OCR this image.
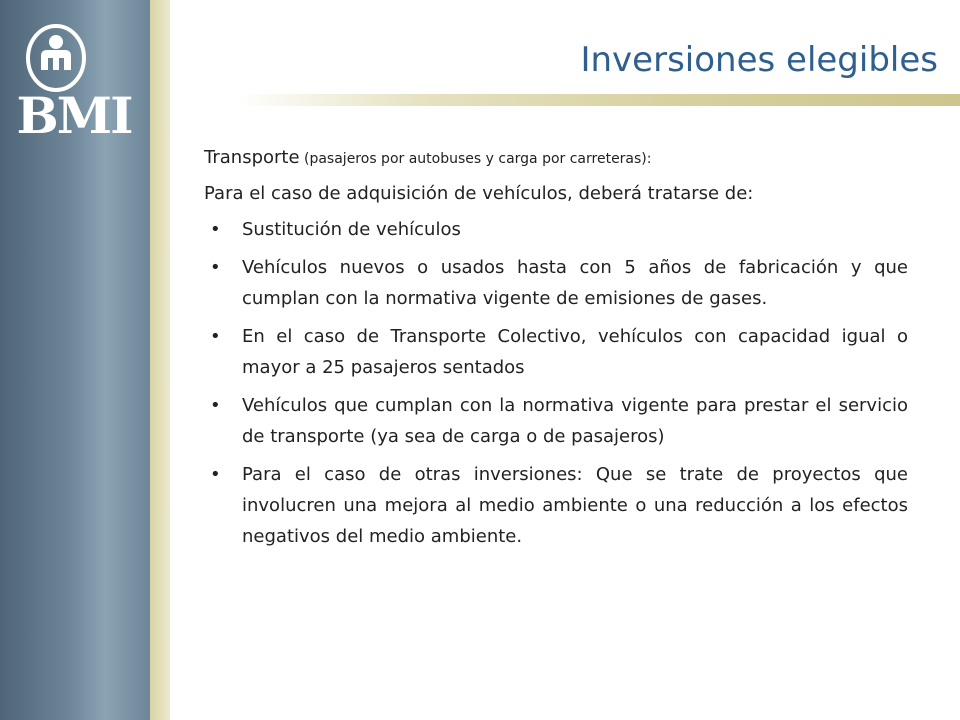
BMI
Inversiones elegibles

Transporte (pasajeros por autobuses y carga por carreteras):

Para el caso de adquisición de vehículos, deberá tratarse de:

• Sustitución de vehículos
• Vehículos nuevos o usados hasta con 5 años de fabricación y que cumplan con la normativa vigente de emisiones de gases.
• En el caso de Transporte Colectivo, vehículos con capacidad igual o mayor a 25 pasajeros sentados
• Vehículos que cumplan con la normativa vigente para prestar el servicio de transporte (ya sea de carga o de pasajeros)
• Para el caso de otras inversiones: Que se trate de proyectos que involucren una mejora al medio ambiente o una reducción a los efectos negativos del medio ambiente.
